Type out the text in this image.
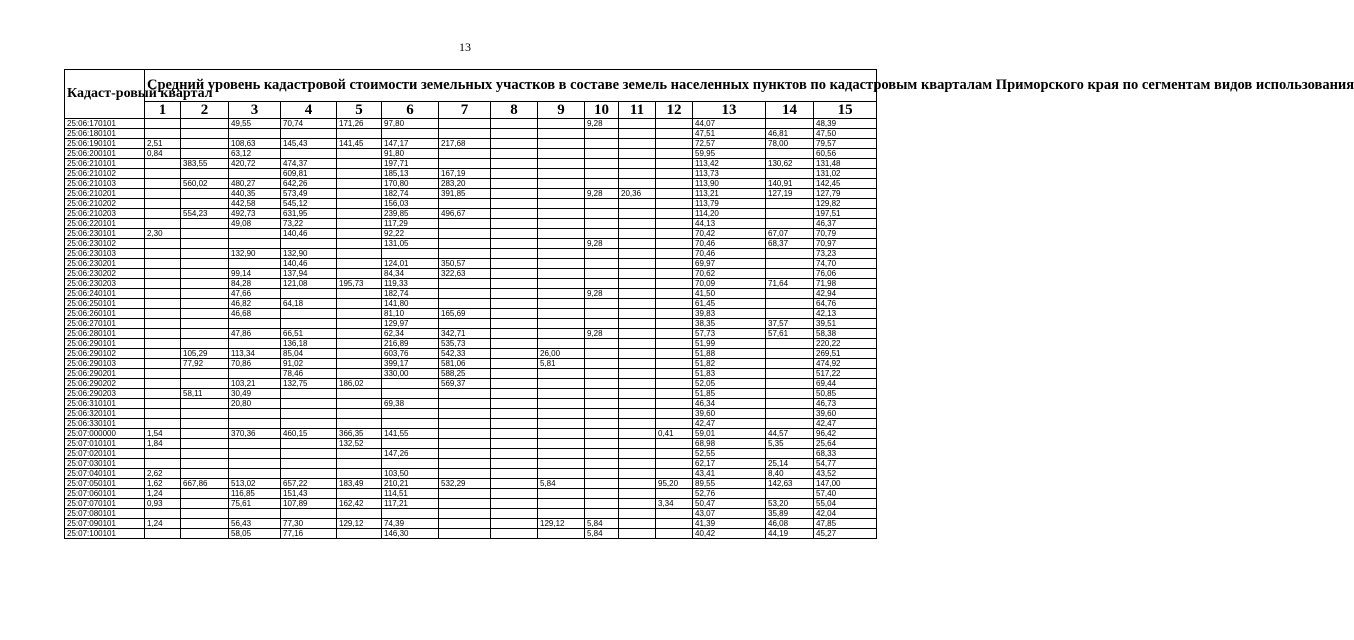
13
Кадаст-ровый квартал	Средний уровень кадастровой стоимости земельных участков в составе земель населенных пунктов по кадастровым кварталам Приморского края по сегментам видов использования														
	1	2	3	4	5	6	7	8	9	10	11	12	13	14	15
25:06:170101			49,55	70,74	171,26	97,80				9,28			44,07		48,39
25:06:180101													47,51	46,81	47,50
25:06:190101	2,51		108,63	145,43	141,45	147,17	217,68						72,57	78,00	79,57
25:06:200101	0,84		63,12			91,80							59,95		60,56
25:06:210101		383,55	420,72	474,37		197,71							113,42	130,62	131,48
25:06:210102				609,81		185,13	167,19						113,73		131,02
25:06:210103		560,02	480,27	642,26		170,80	283,20						113,90	140,91	142,45
25:06:210201			440,35	573,49		182,74	391,85			9,28	20,36		113,21	127,19	127,79
25:06:210202			442,58	545,12		156,03							113,79		129,82
25:06:210203		554,23	492,73	631,95		239,85	496,67						114,20		197,51
25:06:220101			49,08	73,22		117,29							44,13		46,37
25:06:230101	2,30			140,46		92,22							70,42	67,07	70,79
25:06:230102						131,05				9,28			70,46	68,37	70,97
25:06:230103			132,90	132,90									70,46		73,23
25:06:230201				140,46		124,01	350,57						69,97		74,70
25:06:230202			99,14	137,94		84,34	322,63						70,62		76,06
25:06:230203			84,28	121,08	195,73	119,33							70,09	71,64	71,98
25:06:240101			47,66			182,74				9,28			41,50		42,94
25:06:250101			46,82	64,18		141,80							61,45		64,76
25:06:260101			46,68			81,10	165,69						39,83		42,13
25:06:270101						129,97							38,35	37,57	39,51
25:06:280101			47,86	66,51		62,34	342,71			9,28			57,73	57,61	58,38
25:06:290101				136,18		216,89	535,73						51,99		220,22
25:06:290102		105,29	113,34	85,04		603,76	542,33		26,00				51,88		269,51
25:06:290103		77,92	70,86	91,02		399,17	581,06		5,81				51,82		474,92
25:06:290201				78,46		330,00	588,25						51,83		517,22
25:06:290202			103,21	132,75	186,02		569,37						52,05		69,44
25:06:290203		58,11	30,49										51,85		50,85
25:06:310101			20,80			69,38							46,34		46,73
25:06:320101													39,60		39,60
25:06:330101													42,47		42,47
25:07:000000	1,54		370,36	460,15	366,35	141,55						0,41	59,01	44,57	96,42
25:07:010101	1,84				132,52								68,98	5,35	25,64
25:07:020101						147,26							52,55		68,33
25:07:030101													62,17	25,14	54,77
25:07:040101	2,62					103,50							43,41	8,40	43,52
25:07:050101	1,62	667,86	513,02	657,22	183,49	210,21	532,29		5,84			95,20	89,55	142,63	147,00
25:07:060101	1,24		116,85	151,43		114,51							52,76		57,40
25:07:070101	0,93		75,61	107,89	162,42	117,21						3,34	50,47	53,20	55,04
25:07:080101													43,07	35,89	42,04
25:07:090101	1,24		56,43	77,30	129,12	74,39			129,12	5,84			41,39	46,08	47,85
25:07:100101			58,05	77,16		146,30				5,84			40,42	44,19	45,27
